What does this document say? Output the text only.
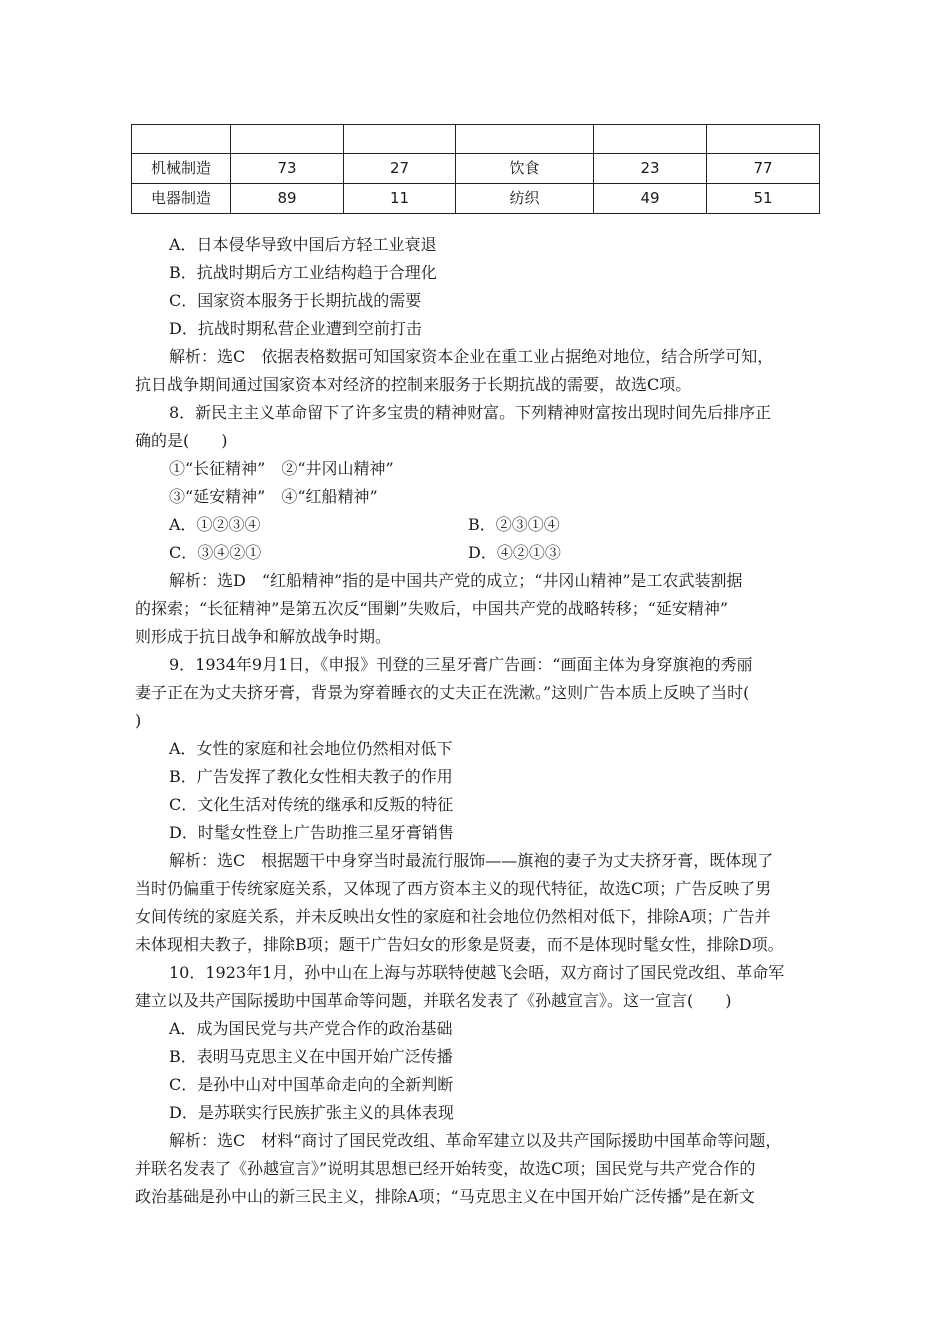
机械制造	73	27	饮食	23	77
电器制造	89	11	纺织	49	51
A．日本侵华导致中国后方轻工业衰退
B．抗战时期后方工业结构趋于合理化
C．国家资本服务于长期抗战的需要
D．抗战时期私营企业遭到空前打击
解析：选C　依据表格数据可知国家资本企业在重工业占据绝对地位，结合所学可知，
抗日战争期间通过国家资本对经济的控制来服务于长期抗战的需要，故选C项。
8．新民主主义革命留下了许多宝贵的精神财富。下列精神财富按出现时间先后排序正
确的是(　　)
①“长征精神”　②“井冈山精神”
③“延安精神”　④“红船精神”
A．①②③④	B．②③①④
C．③④②①	D．④②①③
解析：选D　“红船精神”指的是中国共产党的成立；“井冈山精神”是工农武装割据
的探索；“长征精神”是第五次反“围剿”失败后，中国共产党的战略转移；“延安精神”
则形成于抗日战争和解放战争时期。
9．1934年9月1日，《申报》刊登的三星牙膏广告画：“画面主体为身穿旗袍的秀丽
妻子正在为丈夫挤牙膏，背景为穿着睡衣的丈夫正在洗漱。”这则广告本质上反映了当时(
)
A．女性的家庭和社会地位仍然相对低下
B．广告发挥了教化女性相夫教子的作用
C．文化生活对传统的继承和反叛的特征
D．时髦女性登上广告助推三星牙膏销售
解析：选C　根据题干中身穿当时最流行服饰——旗袍的妻子为丈夫挤牙膏，既体现了
当时仍偏重于传统家庭关系，又体现了西方资本主义的现代特征，故选C项；广告反映了男
女间传统的家庭关系，并未反映出女性的家庭和社会地位仍然相对低下，排除A项；广告并
未体现相夫教子，排除B项；题干广告妇女的形象是贤妻，而不是体现时髦女性，排除D项。
10．1923年1月，孙中山在上海与苏联特使越飞会晤，双方商讨了国民党改组、革命军
建立以及共产国际援助中国革命等问题，并联名发表了《孙越宣言》。这一宣言(　　)
A．成为国民党与共产党合作的政治基础
B．表明马克思主义在中国开始广泛传播
C．是孙中山对中国革命走向的全新判断
D．是苏联实行民族扩张主义的具体表现
解析：选C　材料“商讨了国民党改组、革命军建立以及共产国际援助中国革命等问题，
并联名发表了《孙越宣言》”说明其思想已经开始转变，故选C项；国民党与共产党合作的
政治基础是孙中山的新三民主义，排除A项；“马克思主义在中国开始广泛传播”是在新文
